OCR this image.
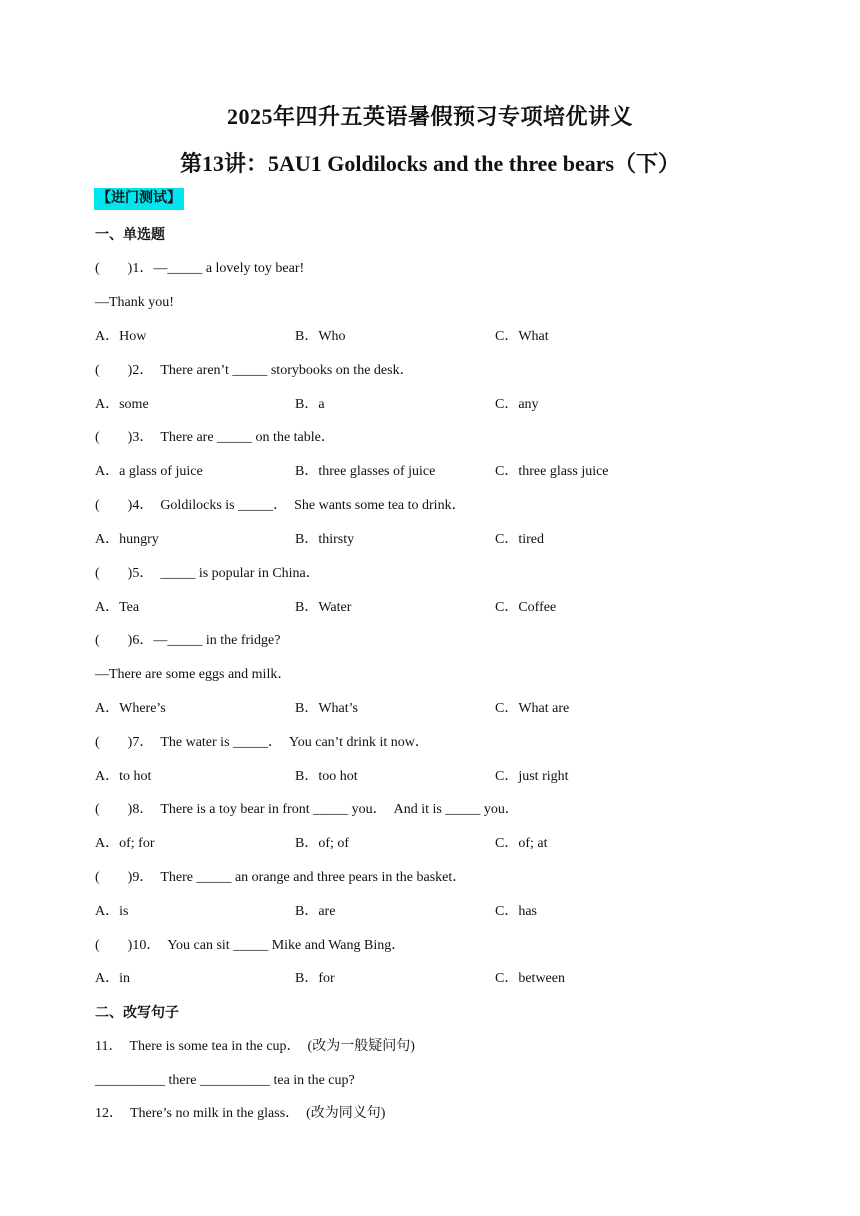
2025年四升五英语暑假预习专项培优讲义
第13讲：5AU1 Goldilocks and the three bears（下）
【进门测试】
一、单选题
(　　)1．—_____ a lovely toy bear!
—Thank you!
A．How	B．Who	C．What
(　　)2．　There aren’t _____ storybooks on the desk．
A．some	B．a	C．any
(　　)3．　There are _____ on the table．
A．a glass of juice	B．three glasses of juice	C．three glass juice
(　　)4．　Goldilocks is _____．　She wants some tea to drink．
A．hungry	B．thirsty	C．tired
(　　)5．　_____ is popular in China．
A．Tea	B．Water	C．Coffee
(　　)6．—_____ in the fridge?
—There are some eggs and milk．
A．Where’s	B．What’s	C．What are
(　　)7．　The water is _____．　You can’t drink it now．
A．to hot	B．too hot	C．just right
(　　)8．　There is a toy bear in front _____ you．　And it is _____ you．
A．of; for	B．of; of	C．of; at
(　　)9．　There _____ an orange and three pears in the basket．
A．is	B．are	C．has
(　　)10．　You can sit _____ Mike and Wang Bing．
A．in	B．for	C．between
二、改写句子
11．　There is some tea in the cup．　(改为一般疑问句)
__________ there __________ tea in the cup?
12．　There’s no milk in the glass．　(改为同义句)
